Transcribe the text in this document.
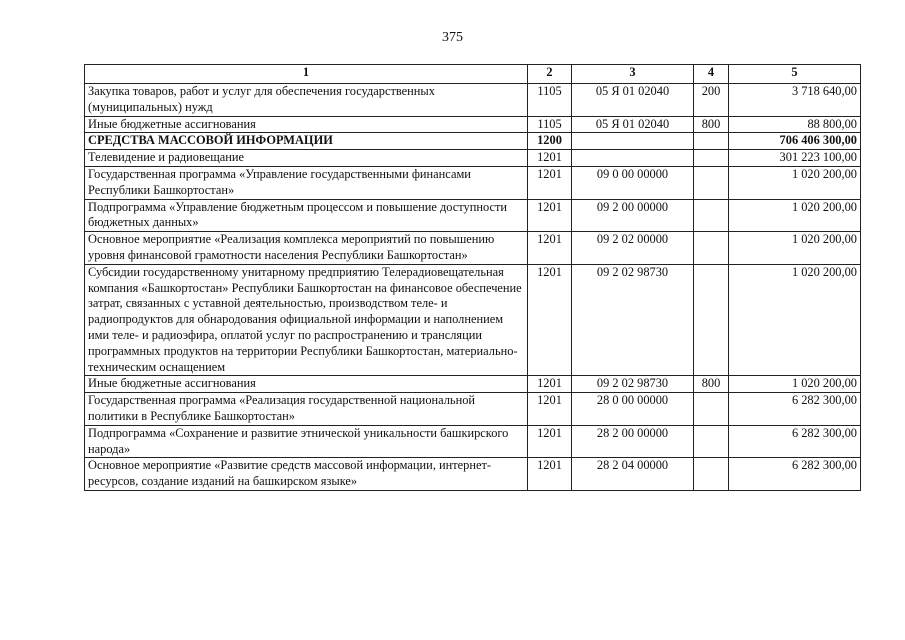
375
1	2	3	4	5
Закупка товаров, работ и услуг для обеспечения государственных (муниципальных) нужд	1105	05 Я 01 02040	200	3 718 640,00
Иные бюджетные ассигнования	1105	05 Я 01 02040	800	88 800,00
СРЕДСТВА МАССОВОЙ ИНФОРМАЦИИ	1200			706 406 300,00
Телевидение и радиовещание	1201			301 223 100,00
Государственная программа «Управление государственными финансами Республики Башкортостан»	1201	09 0 00 00000		1 020 200,00
Подпрограмма «Управление бюджетным процессом и повышение доступности бюджетных данных»	1201	09 2 00 00000		1 020 200,00
Основное мероприятие «Реализация комплекса мероприятий по повышению уровня финансовой грамотности населения Республики Башкортостан»	1201	09 2 02 00000		1 020 200,00
Субсидии государственному унитарному предприятию Телерадиовещательная компания «Башкортостан» Республики Башкортостан на финансовое обеспечение затрат, связанных с уставной деятельностью, производством теле- и радиопродуктов для обнародования официальной информации и наполнением ими теле- и радиоэфира, оплатой услуг по распространению и трансляции программных продуктов на территории Республики Башкортостан, материально-техническим оснащением	1201	09 2 02 98730		1 020 200,00
Иные бюджетные ассигнования	1201	09 2 02 98730	800	1 020 200,00
Государственная программа «Реализация государственной национальной политики в Республике Башкортостан»	1201	28 0 00 00000		6 282 300,00
Подпрограмма «Сохранение и развитие этнической уникальности башкирского народа»	1201	28 2 00 00000		6 282 300,00
Основное мероприятие «Развитие средств массовой информации, интернет-ресурсов, создание изданий на башкирском языке»	1201	28 2 04 00000		6 282 300,00
